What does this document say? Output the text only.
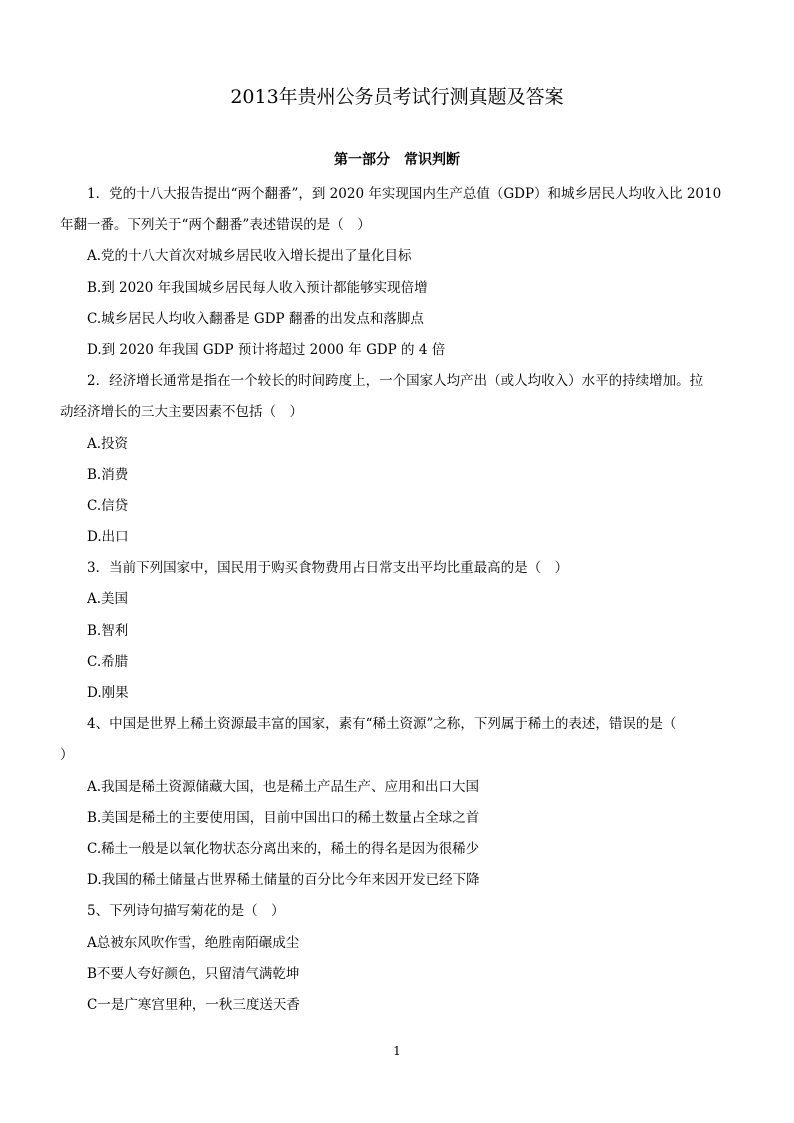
2013年贵州公务员考试行测真题及答案
第一部分　常识判断
1．党的十八大报告提出“两个翻番”，到 2020 年实现国内生产总值（GDP）和城乡居民人均收入比 2010
年翻一番。下列关于“两个翻番”表述错误的是（　）
A.党的十八大首次对城乡居民收入增长提出了量化目标
B.到 2020 年我国城乡居民每人收入预计都能够实现倍增
C.城乡居民人均收入翻番是 GDP 翻番的出发点和落脚点
D.到 2020 年我国 GDP 预计将超过 2000 年 GDP 的 4 倍
2．经济增长通常是指在一个较长的时间跨度上，一个国家人均产出（或人均收入）水平的持续增加。拉
动经济增长的三大主要因素不包括（　）
A.投资
B.消费
C.信贷
D.出口
3．当前下列国家中，国民用于购买食物费用占日常支出平均比重最高的是（　）
A.美国
B.智利
C.希腊
D.刚果
4、中国是世界上稀土资源最丰富的国家，素有“稀土资源”之称，下列属于稀土的表述，错误的是（
）
A.我国是稀土资源储藏大国，也是稀土产品生产、应用和出口大国
B.美国是稀土的主要使用国，目前中国出口的稀土数量占全球之首
C.稀土一般是以氧化物状态分离出来的，稀土的得名是因为很稀少
D.我国的稀土储量占世界稀土储量的百分比今年来因开发已经下降
5、下列诗句描写菊花的是（　）
A总被东风吹作雪，绝胜南陌碾成尘
B不要人夸好颜色，只留清气满乾坤
C一是广寒宫里种，一秋三度送天香
1
